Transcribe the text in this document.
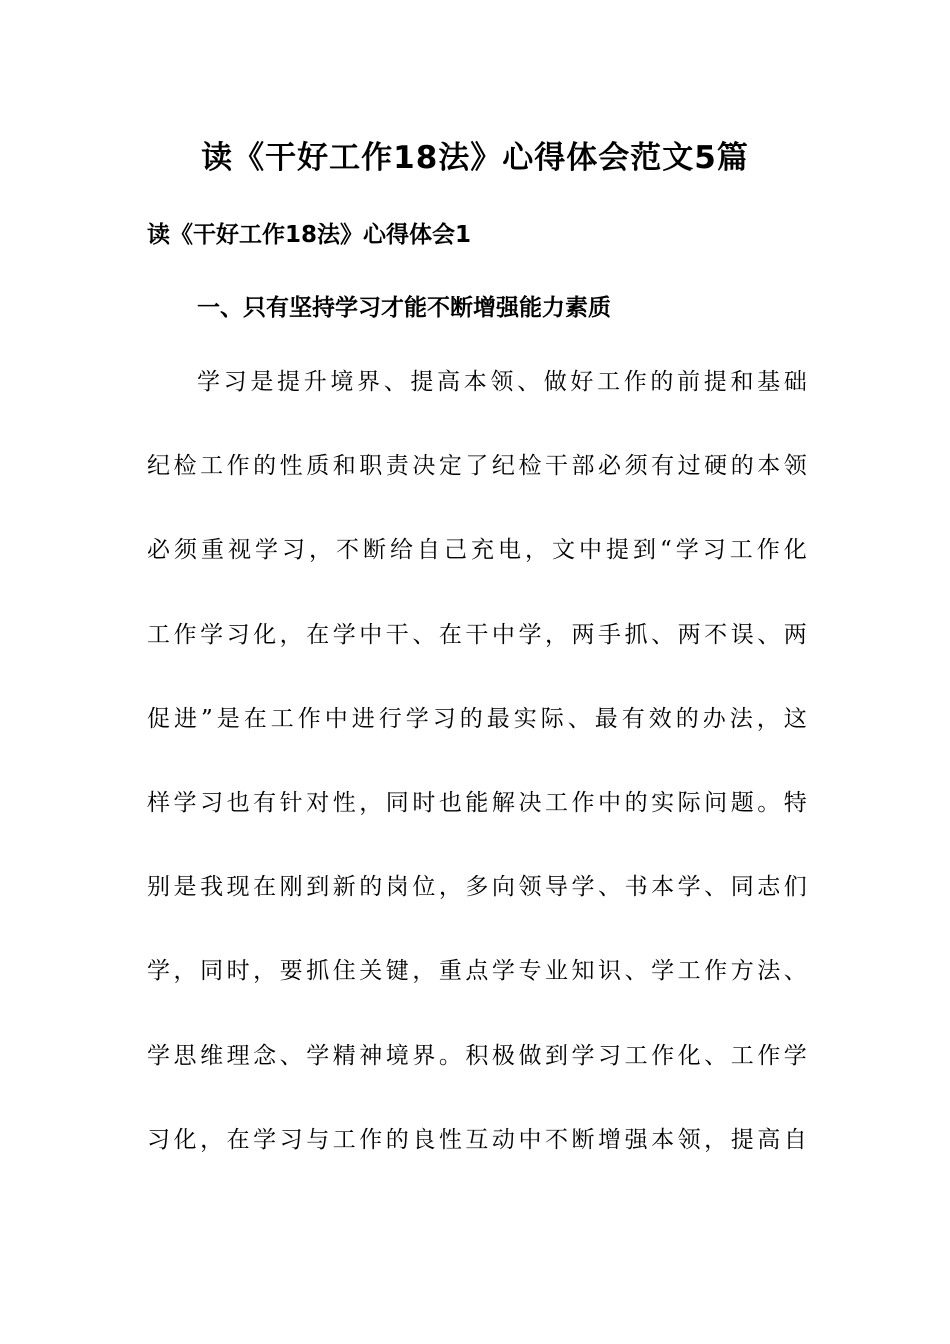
读《干好工作18法》心得体会范文5篇
读《干好工作18法》心得体会1
一、只有坚持学习才能不断增强能力素质
学 习 是 提 升 境 界 、 提 高 本 领 、 做 好 工 作 的 前 提 和 基 础
纪 检 工 作 的 性 质 和 职 责 决 定 了 纪 检 干 部 必 须 有 过 硬 的 本 领
必 须 重 视 学 习 ， 不 断 给 自 己 充 电 ， 文 中 提 到 “ 学 习 工 作 化
工 作 学 习 化 ， 在 学 中 干 、 在 干 中 学 ， 两 手 抓 、 两 不 误 、 两
促 进 ” 是 在 工 作 中 进 行 学 习 的 最 实 际 、 最 有 效 的 办 法 ， 这
样 学 习 也 有 针 对 性 ， 同 时 也 能 解 决 工 作 中 的 实 际 问 题 。 特
别 是 我 现 在 刚 到 新 的 岗 位 ， 多 向 领 导 学 、 书 本 学 、 同 志 们
学 ， 同 时 ， 要 抓 住 关 键 ， 重 点 学 专 业 知 识 、 学 工 作 方 法 、
学 思 维 理 念 、 学 精 神 境 界 。 积 极 做 到 学 习 工 作 化 、 工 作 学
习 化 ， 在 学 习 与 工 作 的 良 性 互 动 中 不 断 增 强 本 领 ， 提 高 自
